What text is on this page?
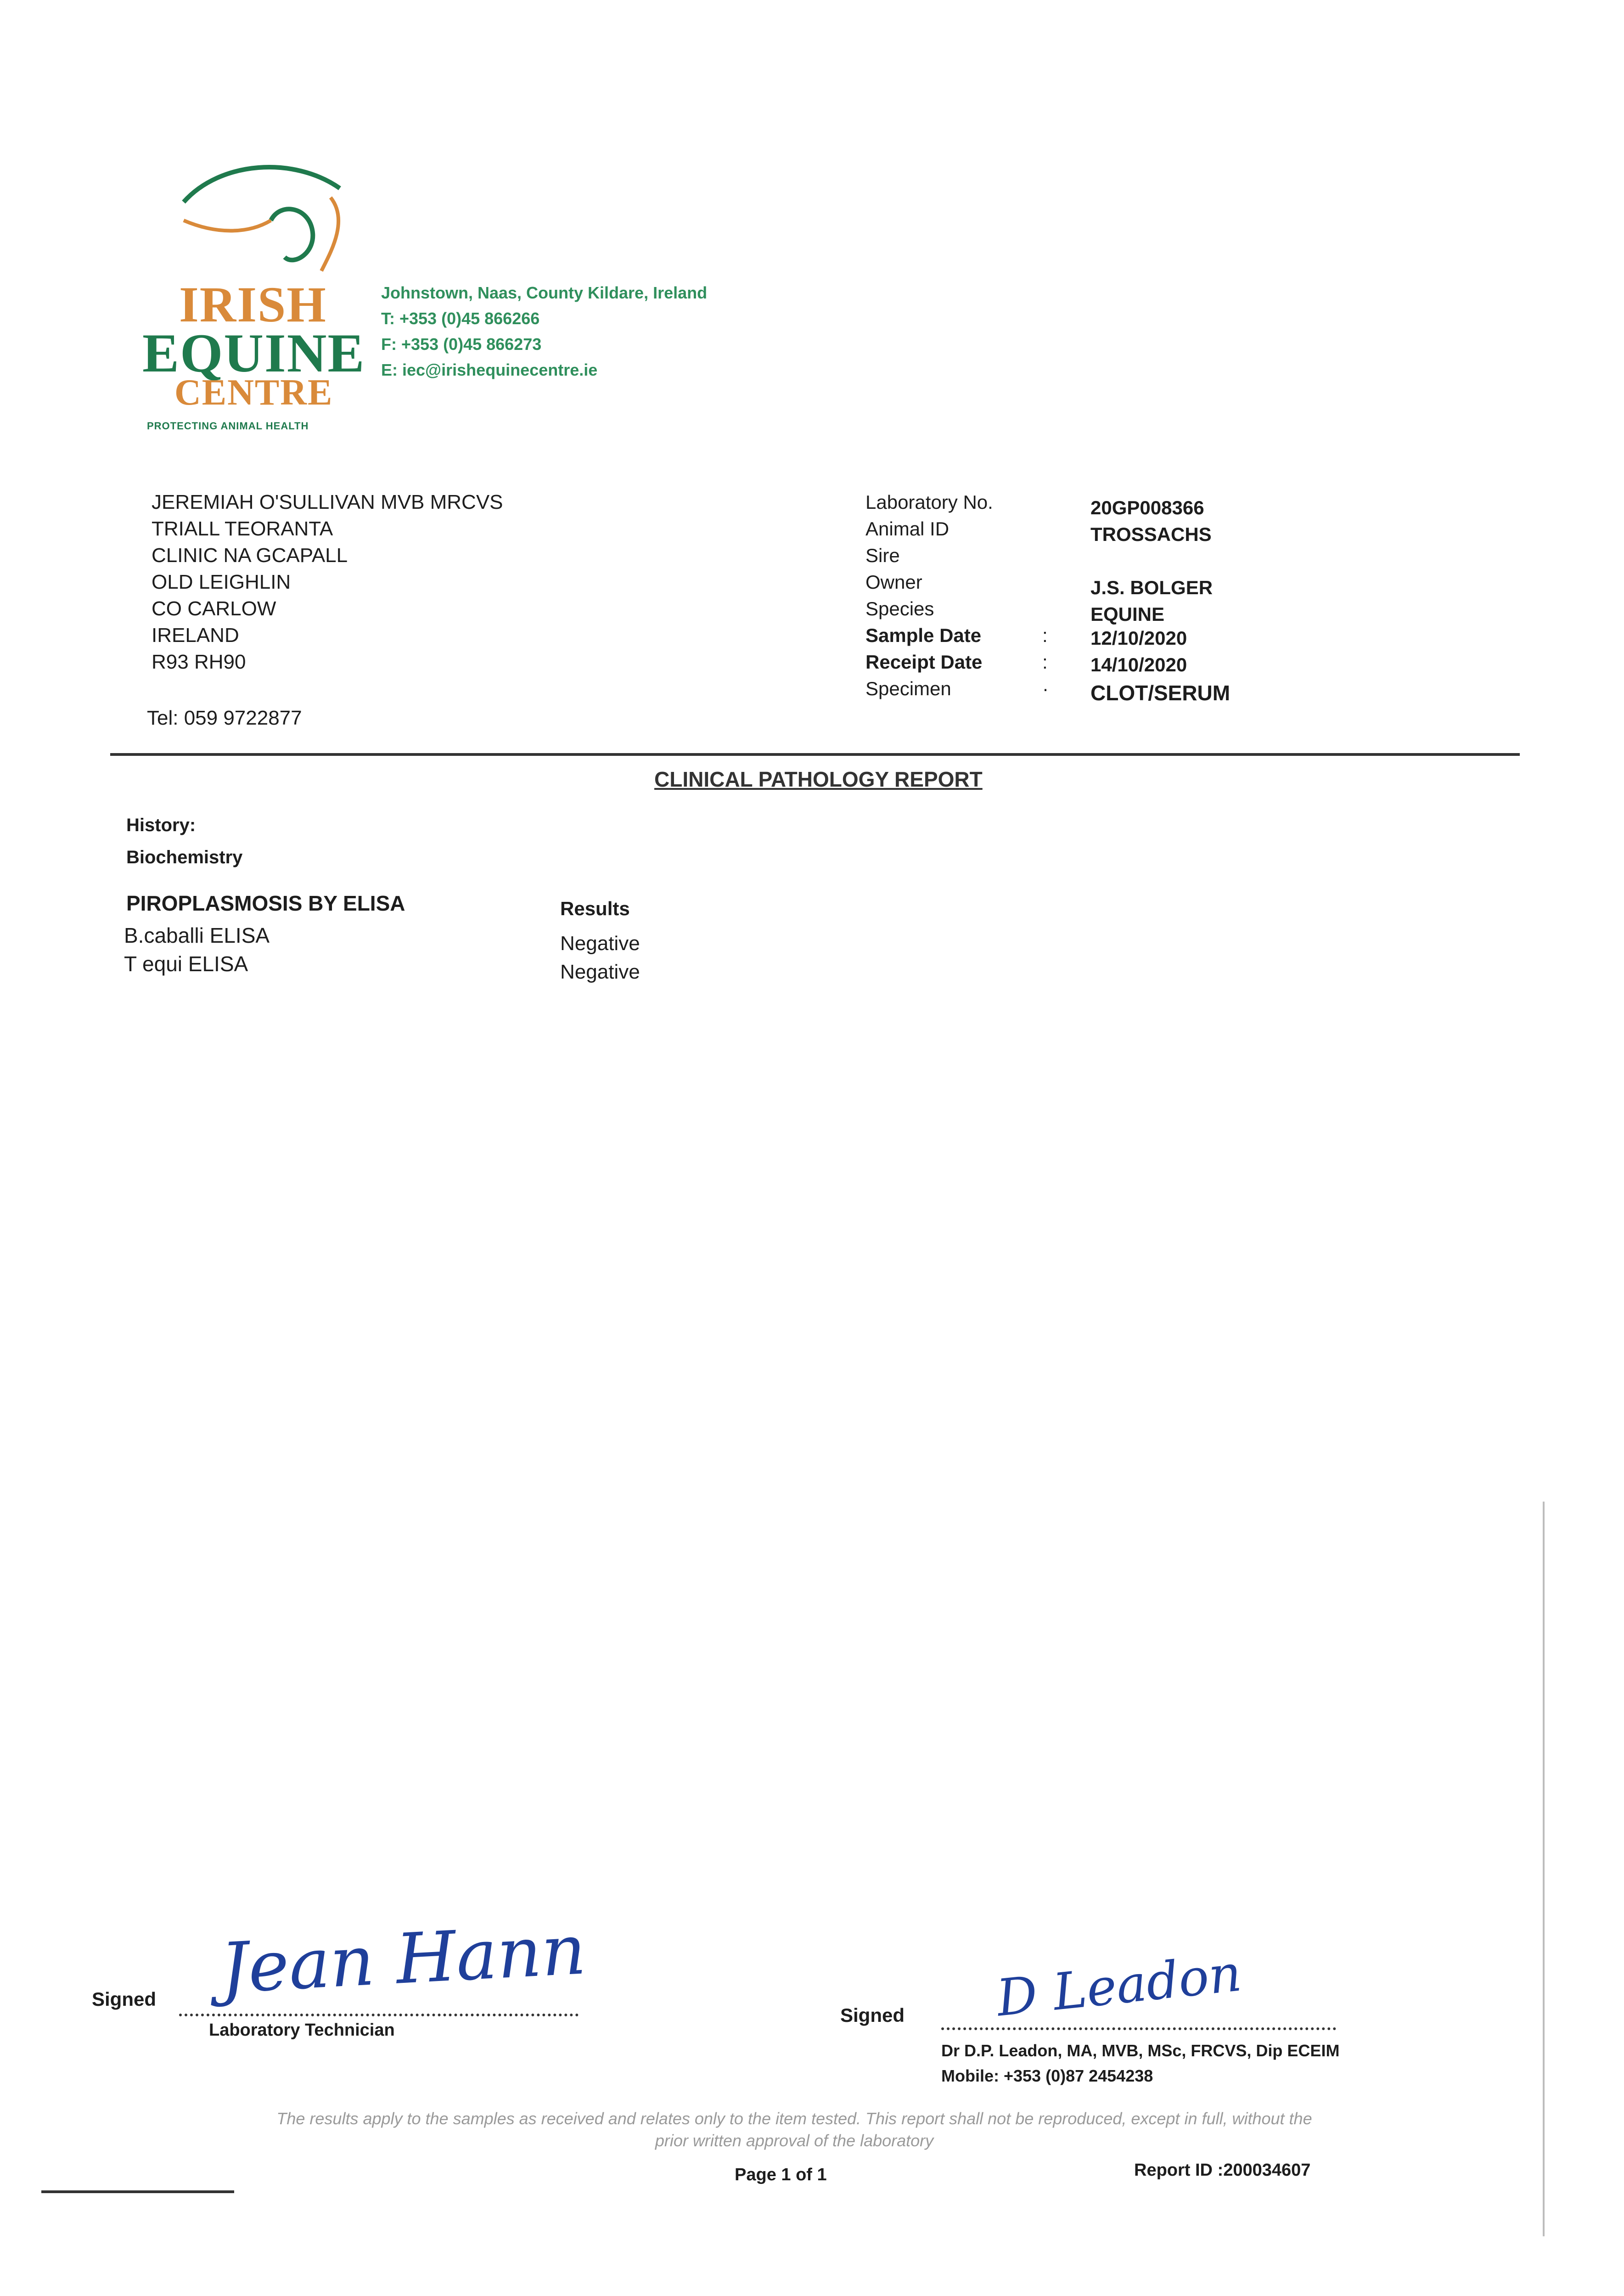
IRISH
EQUINE
CENTRE
PROTECTING ANIMAL HEALTH
Johnstown, Naas, County Kildare, Ireland
T: +353 (0)45 866266
F: +353 (0)45 866273
E: iec@irishequinecentre.ie
JEREMIAH O'SULLIVAN MVB MRCVS
TRIALL TEORANTA
CLINIC NA GCAPALL
OLD LEIGHLIN
CO CARLOW
IRELAND
R93 RH90
Tel: 059 9722877
Laboratory No.	20GP008366
Animal ID	TROSSACHS
Sire
Owner	J.S. BOLGER
Species	EQUINE
Sample Date	: 12/10/2020
Receipt Date	: 14/10/2020
Specimen	· CLOT/SERUM
CLINICAL PATHOLOGY REPORT
History:
Biochemistry
PIROPLASMOSIS BY ELISA	Results
B.caballi ELISA	Negative
T equi ELISA	Negative
Signed Jean Hann
Laboratory Technician
Signed D Leadon
Dr D.P. Leadon, MA, MVB, MSc, FRCVS, Dip ECEIM
Mobile: +353 (0)87 2454238
The results apply to the samples as received and relates only to the item tested. This report shall not be reproduced, except in full, without the
prior written approval of the laboratory
Page 1 of 1	Report ID :200034607
